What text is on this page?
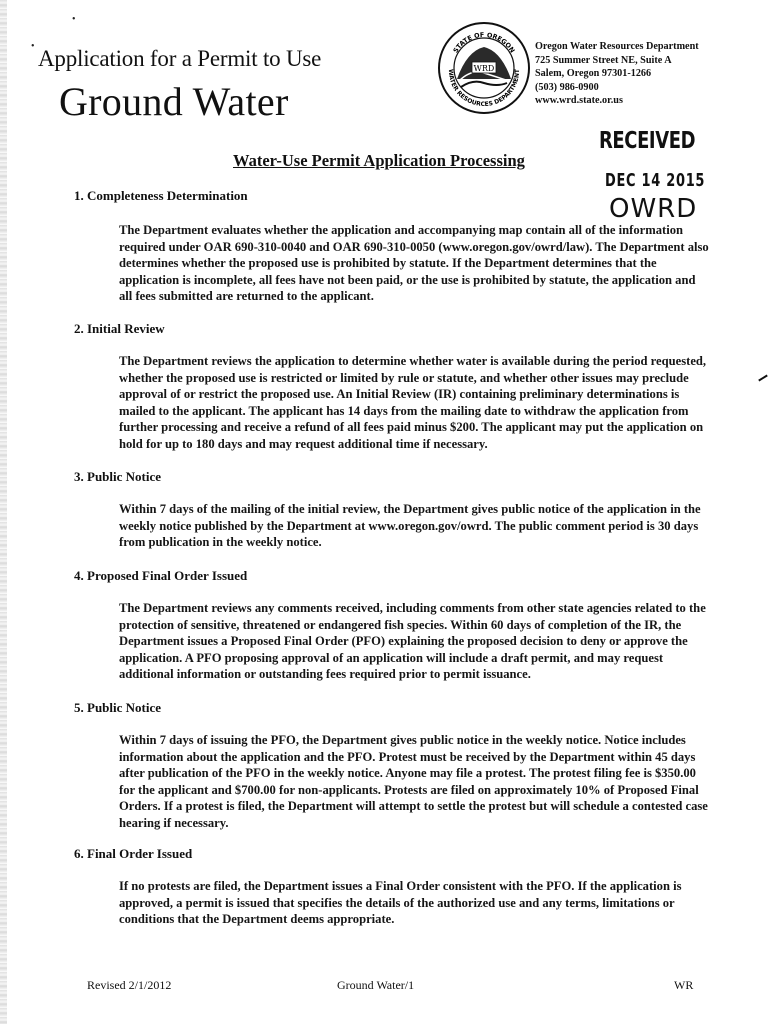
•
• Application for a Permit to Use
Ground Water
WRD
STATE OF OREGON
WATER RESOURCES DEPARTMENT
Oregon Water Resources Department
725 Summer Street NE, Suite A
Salem, Oregon 97301-1266
(503) 986-0900
www.wrd.state.or.us
RECEIVED
DEC 14 2015
OWRD
Water-Use Permit Application Processing
1. Completeness Determination
The Department evaluates whether the application and accompanying map contain all of the information required under OAR 690-310-0040 and OAR 690-310-0050 (www.oregon.gov/owrd/law). The Department also determines whether the proposed use is prohibited by statute. If the Department determines that the application is incomplete, all fees have not been paid, or the use is prohibited by statute, the application and all fees submitted are returned to the applicant.
2. Initial Review
The Department reviews the application to determine whether water is available during the period requested, whether the proposed use is restricted or limited by rule or statute, and whether other issues may preclude approval of or restrict the proposed use. An Initial Review (IR) containing preliminary determinations is mailed to the applicant. The applicant has 14 days from the mailing date to withdraw the application from further processing and receive a refund of all fees paid minus $200. The applicant may put the application on hold for up to 180 days and may request additional time if necessary.
3. Public Notice
Within 7 days of the mailing of the initial review, the Department gives public notice of the application in the weekly notice published by the Department at www.oregon.gov/owrd. The public comment period is 30 days from publication in the weekly notice.
4. Proposed Final Order Issued
The Department reviews any comments received, including comments from other state agencies related to the protection of sensitive, threatened or endangered fish species. Within 60 days of completion of the IR, the Department issues a Proposed Final Order (PFO) explaining the proposed decision to deny or approve the application. A PFO proposing approval of an application will include a draft permit, and may request additional information or outstanding fees required prior to permit issuance.
5. Public Notice
Within 7 days of issuing the PFO, the Department gives public notice in the weekly notice. Notice includes information about the application and the PFO. Protest must be received by the Department within 45 days after publication of the PFO in the weekly notice. Anyone may file a protest. The protest filing fee is $350.00 for the applicant and $700.00 for non-applicants. Protests are filed on approximately 10% of Proposed Final Orders. If a protest is filed, the Department will attempt to settle the protest but will schedule a contested case hearing if necessary.
6. Final Order Issued
If no protests are filed, the Department issues a Final Order consistent with the PFO. If the application is approved, a permit is issued that specifies the details of the authorized use and any terms, limitations or conditions that the Department deems appropriate.
Revised 2/1/2012	Ground Water/1	WR
